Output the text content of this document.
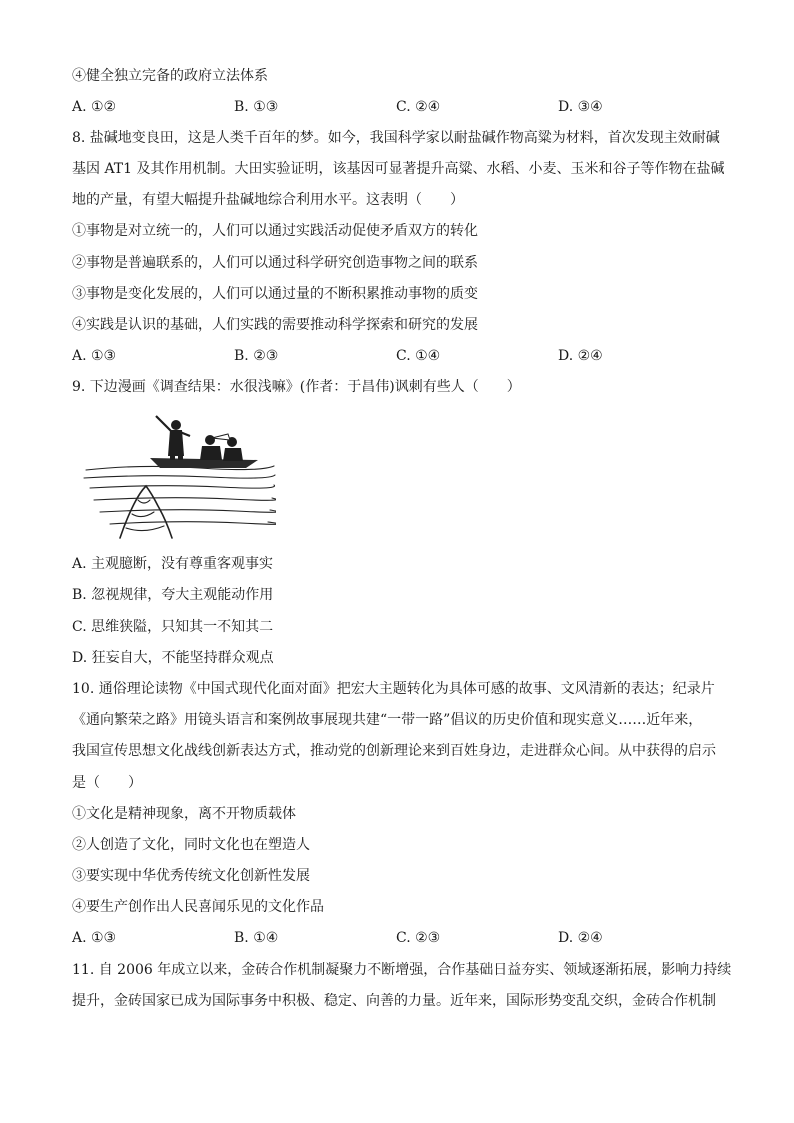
④健全独立完备的政府立法体系
A. ①②	B. ①③	C. ②④	D. ③④
8. 盐碱地变良田，这是人类千百年的梦。如今，我国科学家以耐盐碱作物高粱为材料，首次发现主效耐碱
基因 AT1 及其作用机制。大田实验证明，该基因可显著提升高粱、水稻、小麦、玉米和谷子等作物在盐碱
地的产量，有望大幅提升盐碱地综合利用水平。这表明（　　）
①事物是对立统一的，人们可以通过实践活动促使矛盾双方的转化
②事物是普遍联系的，人们可以通过科学研究创造事物之间的联系
③事物是变化发展的，人们可以通过量的不断积累推动事物的质变
④实践是认识的基础，人们实践的需要推动科学探索和研究的发展
A. ①③	B. ②③	C. ①④	D. ②④
9. 下边漫画《调查结果：水很浅嘛》(作者：于昌伟)讽刺有些人（　　）
A. 主观臆断，没有尊重客观事实
B. 忽视规律，夸大主观能动作用
C. 思维狭隘，只知其一不知其二
D. 狂妄自大，不能坚持群众观点
10. 通俗理论读物《中国式现代化面对面》把宏大主题转化为具体可感的故事、文风清新的表达；纪录片
《通向繁荣之路》用镜头语言和案例故事展现共建“一带一路”倡议的历史价值和现实意义……近年来，
我国宣传思想文化战线创新表达方式，推动党的创新理论来到百姓身边，走进群众心间。从中获得的启示
是（　　）
①文化是精神现象，离不开物质载体
②人创造了文化，同时文化也在塑造人
③要实现中华优秀传统文化创新性发展
④要生产创作出人民喜闻乐见的文化作品
A. ①③	B. ①④	C. ②③	D. ②④
11. 自 2006 年成立以来，金砖合作机制凝聚力不断增强，合作基础日益夯实、领域逐渐拓展，影响力持续
提升，金砖国家已成为国际事务中积极、稳定、向善的力量。近年来，国际形势变乱交织，金砖合作机制
